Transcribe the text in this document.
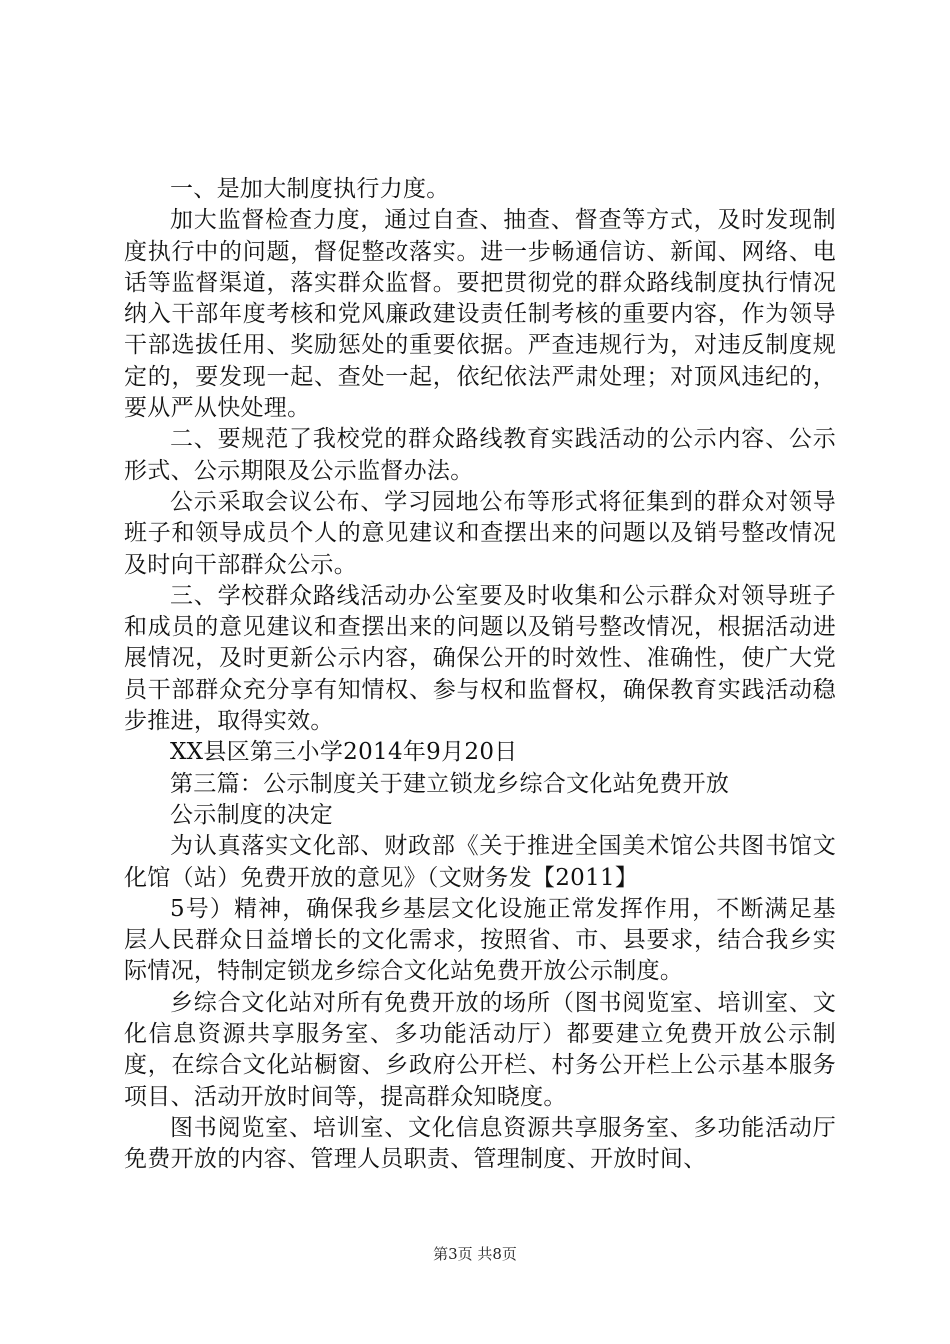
一、是加大制度执行力度。

加大监督检查力度，通过自查、抽查、督查等方式，及时发现制度执行中的问题，督促整改落实。进一步畅通信访、新闻、网络、电话等监督渠道，落实群众监督。要把贯彻党的群众路线制度执行情况纳入干部年度考核和党风廉政建设责任制考核的重要内容，作为领导干部选拔任用、奖励惩处的重要依据。严查违规行为，对违反制度规定的，要发现一起、查处一起，依纪依法严肃处理；对顶风违纪的，要从严从快处理。

二、要规范了我校党的群众路线教育实践活动的公示内容、公示形式、公示期限及公示监督办法。

公示采取会议公布、学习园地公布等形式将征集到的群众对领导班子和领导成员个人的意见建议和查摆出来的问题以及销号整改情况及时向干部群众公示。

三、学校群众路线活动办公室要及时收集和公示群众对领导班子和成员的意见建议和查摆出来的问题以及销号整改情况，根据活动进展情况，及时更新公示内容，确保公开的时效性、准确性，使广大党员干部群众充分享有知情权、参与权和监督权，确保教育实践活动稳步推进，取得实效。

XX县区第三小学2014年9月20日

第三篇：公示制度关于建立锁龙乡综合文化站免费开放

公示制度的决定

为认真落实文化部、财政部《关于推进全国美术馆公共图书馆文化馆（站）免费开放的意见》（文财务发【2011】

5号）精神，确保我乡基层文化设施正常发挥作用，不断满足基层人民群众日益增长的文化需求，按照省、市、县要求，结合我乡实际情况，特制定锁龙乡综合文化站免费开放公示制度。

乡综合文化站对所有免费开放的场所（图书阅览室、培训室、文化信息资源共享服务室、多功能活动厅）都要建立免费开放公示制度，在综合文化站橱窗、乡政府公开栏、村务公开栏上公示基本服务项目、活动开放时间等，提高群众知晓度。

图书阅览室、培训室、文化信息资源共享服务室、多功能活动厅免费开放的内容、管理人员职责、管理制度、开放时间、

第3页 共8页
